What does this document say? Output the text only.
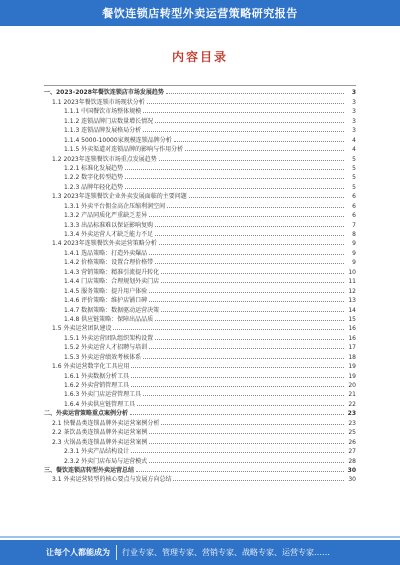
餐饮连锁店转型外卖运营策略研究报告
内容目录
一、2023-2028年餐饮连锁店市场发展趋势	3
1.1 2023年餐饮连锁市场现状分析	3
1.1.1 中国餐饮市场整体规模	3
1.1.2 连锁品牌门店数量增长情况	3
1.1.3 连锁品牌发展格局分析	3
1.1.4 5000-10000家规模连锁品牌分析	4
1.1.5 外卖渠道对连锁品牌的影响与作用分析	4
1.2 2023年连锁餐饮市场重点发展趋势	5
1.2.1 标准化发展趋势	5
1.2.2 数字化转型趋势	5
1.2.3 品牌年轻化趋势	5
1.3 2023年连锁餐饮企业外卖发展面临的主要问题	6
1.3.1 外卖平台佣金高企压缩利润空间	6
1.3.2 产品同质化严重缺乏差异	6
1.3.3 出品标准难以保证影响复购	7
1.3.4 外卖运营人才缺乏能力不足	8
1.4 2023年连锁餐饮外卖运营策略分析	9
1.4.1 选品策略：打造外卖爆品	9
1.4.2 价格策略：设置合理价格带	9
1.4.3 营销策略：精准引流提升转化	10
1.4.4 门店策略：合理规划外卖门店	11
1.4.5 服务策略：提升用户体验	12
1.4.6 评价策略：维护店铺口碑	13
1.4.7 数据策略：数据驱动运营决策	14
1.4.8 供应链策略：保障出品品质	15
1.5 外卖运营团队建设	16
1.5.1 外卖运营团队组织架构设置	16
1.5.2 外卖运营人才招聘与培训	17
1.5.3 外卖运营绩效考核体系	18
1.6 外卖运营数字化工具应用	19
1.6.1 外卖数据分析工具	19
1.6.2 外卖营销管理工具	20
1.6.3 外卖门店运营管理工具	21
1.6.4 外卖供应链管理工具	22
二、外卖运营策略重点案例分析	23
2.1 快餐品类连锁品牌外卖运营案例分析	23
2.2 茶饮品类连锁品牌外卖运营案例	25
2.3 火锅品类连锁品牌外卖运营案例	26
2.3.1 外卖产品结构设计	27
2.3.2 外卖门店布局与运营模式	28
三、餐饮连锁店转型外卖运营总结	30
3.1 外卖运营转型的核心要点与发展方向总结	30
让每个人都能成为 行业专家、管理专家、营销专家、战略专家、运营专家……
